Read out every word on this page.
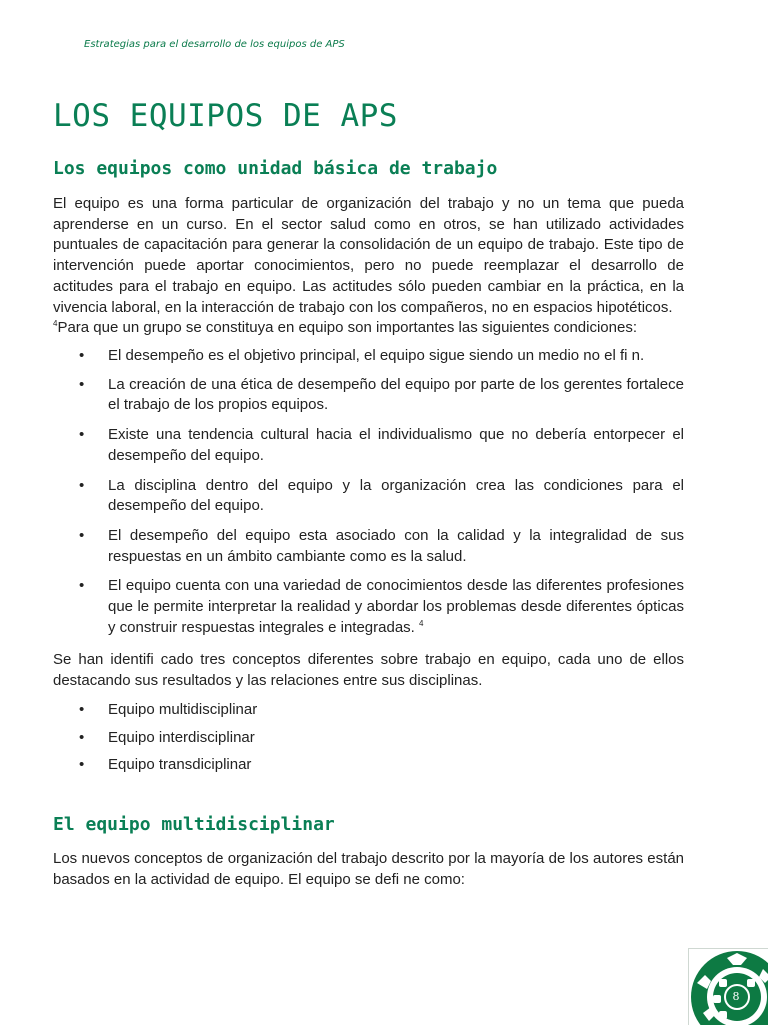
Estrategias para el desarrollo de los equipos de APS
LOS EQUIPOS DE APS
Los equipos como unidad básica de trabajo

El equipo es una forma particular de organización del trabajo y no un tema que pueda aprenderse en un curso. En el sector salud como en otros, se han utilizado actividades puntuales de capacitación para generar la consolidación de un equipo de trabajo. Este tipo de intervención puede aportar conocimientos, pero no puede reemplazar el desarrollo de actitudes para el trabajo en equipo. Las actitudes sólo pueden cambiar en la práctica, en la vivencia laboral, en la interacción de trabajo con los compañeros, no en espacios hipotéticos.
$^4$Para que un grupo se constituya en equipo son importantes las siguientes condiciones:

• El desempeño es el objetivo principal, el equipo sigue siendo un medio no el fi n.
• La creación de una ética de desempeño del equipo por parte de los gerentes fortalece el trabajo de los propios equipos.
• Existe una tendencia cultural hacia el individualismo que no debería entorpecer el desempeño del equipo.
• La disciplina dentro del equipo y la organización crea las condiciones para el desempeño del equipo.
• El desempeño del equipo esta asociado con la calidad y la integralidad de sus respuestas en un ámbito cambiante como es la salud.
• El equipo cuenta con una variedad de conocimientos desde las diferentes profesiones que le permite interpretar la realidad y abordar los problemas desde diferentes ópticas y construir respuestas integrales e integradas. $^4$

Se han identifi cado tres conceptos diferentes sobre trabajo en equipo, cada uno de ellos destacando sus resultados y las relaciones entre sus disciplinas.

• Equipo multidisciplinar
• Equipo interdisciplinar
• Equipo transdiciplinar
El equipo multidisciplinar

Los nuevos conceptos de organización del trabajo descrito por la mayoría de los autores están basados en la actividad de equipo. El equipo se defi ne como:

8
